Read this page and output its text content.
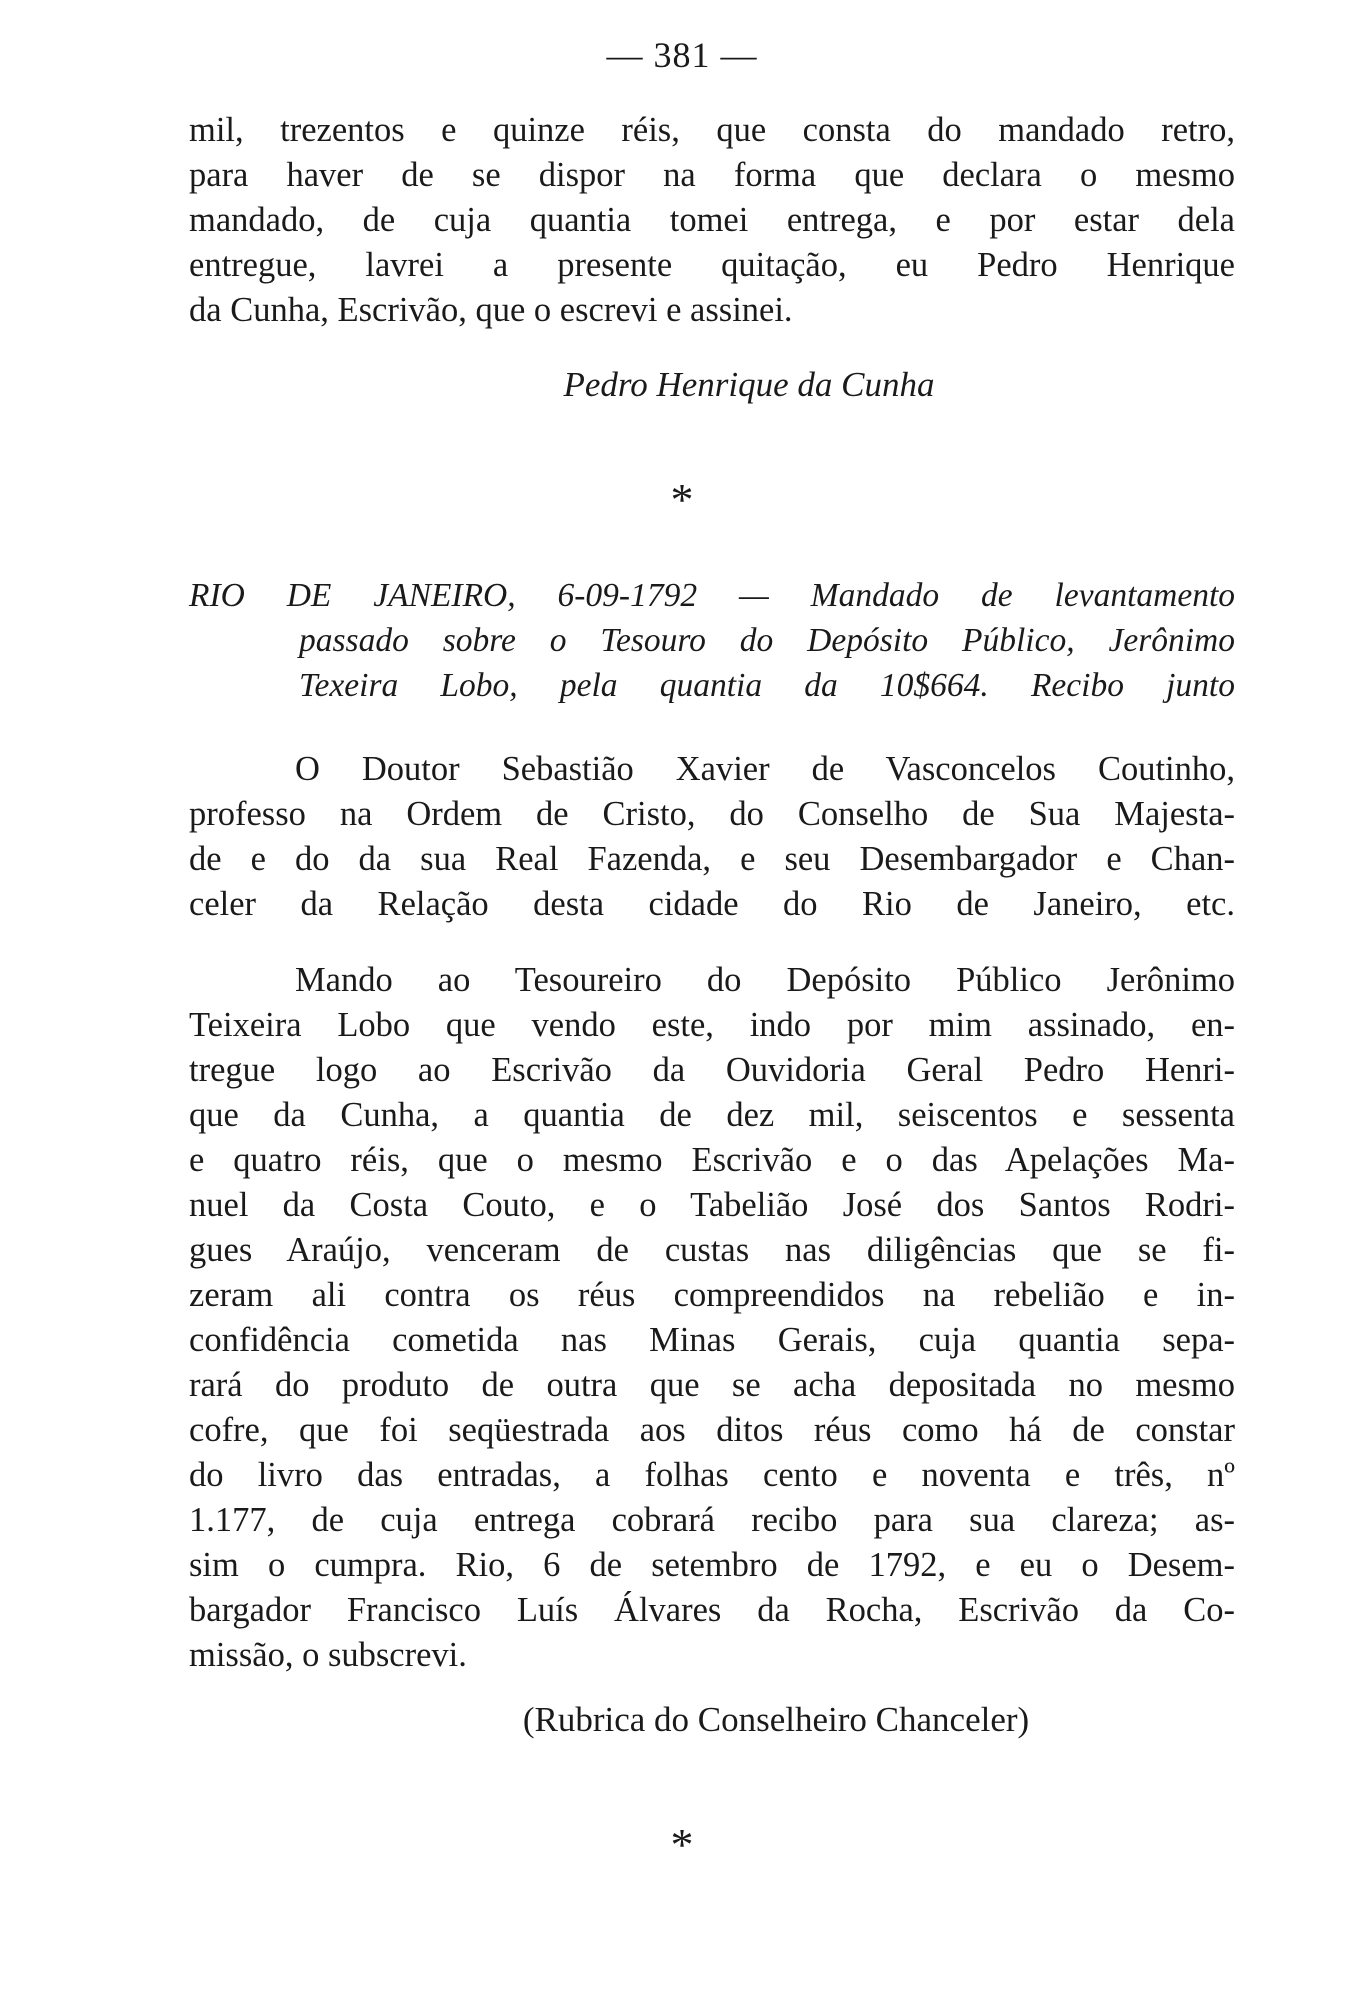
— 381 —
mil, trezentos e quinze réis, que consta do mandado retro,
para haver de se dispor na forma que declara o mesmo
mandado, de cuja quantia tomei entrega, e por estar dela
entregue, lavrei a presente quitação, eu Pedro Henrique
da Cunha, Escrivão, que o escrevi e assinei.
Pedro Henrique da Cunha
*
RIO DE JANEIRO, 6-09-1792 — Mandado de levantamento
passado sobre o Tesouro do Depósito Público, Jerônimo
Texeira Lobo, pela quantia da 10$664. Recibo junto
O Doutor Sebastião Xavier de Vasconcelos Coutinho,
professo na Ordem de Cristo, do Conselho de Sua Majesta-
de e do da sua Real Fazenda, e seu Desembargador e Chan-
celer da Relação desta cidade do Rio de Janeiro, etc.
Mando ao Tesoureiro do Depósito Público Jerônimo
Teixeira Lobo que vendo este, indo por mim assinado, en-
tregue logo ao Escrivão da Ouvidoria Geral Pedro Henri-
que da Cunha, a quantia de dez mil, seiscentos e sessenta
e quatro réis, que o mesmo Escrivão e o das Apelações Ma-
nuel da Costa Couto, e o Tabelião José dos Santos Rodri-
gues Araújo, venceram de custas nas diligências que se fi-
zeram ali contra os réus compreendidos na rebelião e in-
confidência cometida nas Minas Gerais, cuja quantia sepa-
rará do produto de outra que se acha depositada no mesmo
cofre, que foi seqüestrada aos ditos réus como há de constar
do livro das entradas, a folhas cento e noventa e três, nº
1.177, de cuja entrega cobrará recibo para sua clareza; as-
sim o cumpra. Rio, 6 de setembro de 1792, e eu o Desem-
bargador Francisco Luís Álvares da Rocha, Escrivão da Co-
missão, o subscrevi.
(Rubrica do Conselheiro Chanceler)
*
